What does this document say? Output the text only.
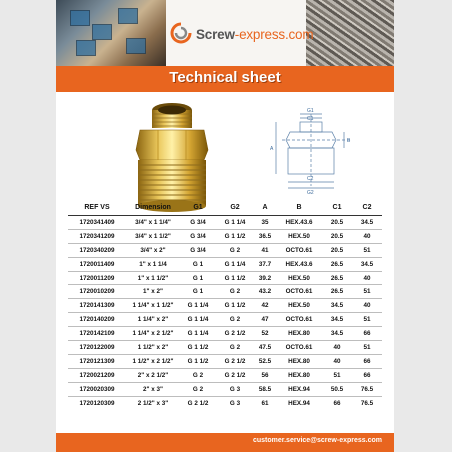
Screw-express.com
Technical sheet
G1
C1
A
B
C2
G2
REF VS	Dimension	G1	G2	A	B	C1	C2
1720341409	3/4" x 1 1/4"	G 3/4	G 1 1/4	35	HEX.43.6	20.5	34.5
1720341209	3/4" x 1 1/2"	G 3/4	G 1 1/2	36.5	HEX.50	20.5	40
1720340209	3/4" x 2"	G 3/4	G 2	41	OCTO.61	20.5	51
1720011409	1" x 1 1/4	G 1	G 1 1/4	37.7	HEX.43.6	26.5	34.5
1720011209	1" x 1 1/2"	G 1	G 1 1/2	39.2	HEX.50	26.5	40
1720010209	1" x 2"	G 1	G 2	43.2	OCTO.61	26.5	51
1720141309	1 1/4" x 1 1/2"	G 1 1/4	G 1 1/2	42	HEX.50	34.5	40
1720140209	1 1/4" x 2"	G 1 1/4	G 2	47	OCTO.61	34.5	51
1720142109	1 1/4" x 2 1/2"	G 1 1/4	G 2 1/2	52	HEX.80	34.5	66
1720122009	1 1/2" x 2"	G 1 1/2	G 2	47.5	OCTO.61	40	51
1720121309	1 1/2" x 2 1/2"	G 1 1/2	G 2 1/2	52.5	HEX.80	40	66
1720021209	2" x 2 1/2"	G 2	G 2 1/2	56	HEX.80	51	66
1720020309	2" x 3"	G 2	G 3	58.5	HEX.94	50.5	76.5
1720120309	2 1/2" x 3"	G 2 1/2	G 3	61	HEX.94	66	76.5
customer.service@screw-express.com
